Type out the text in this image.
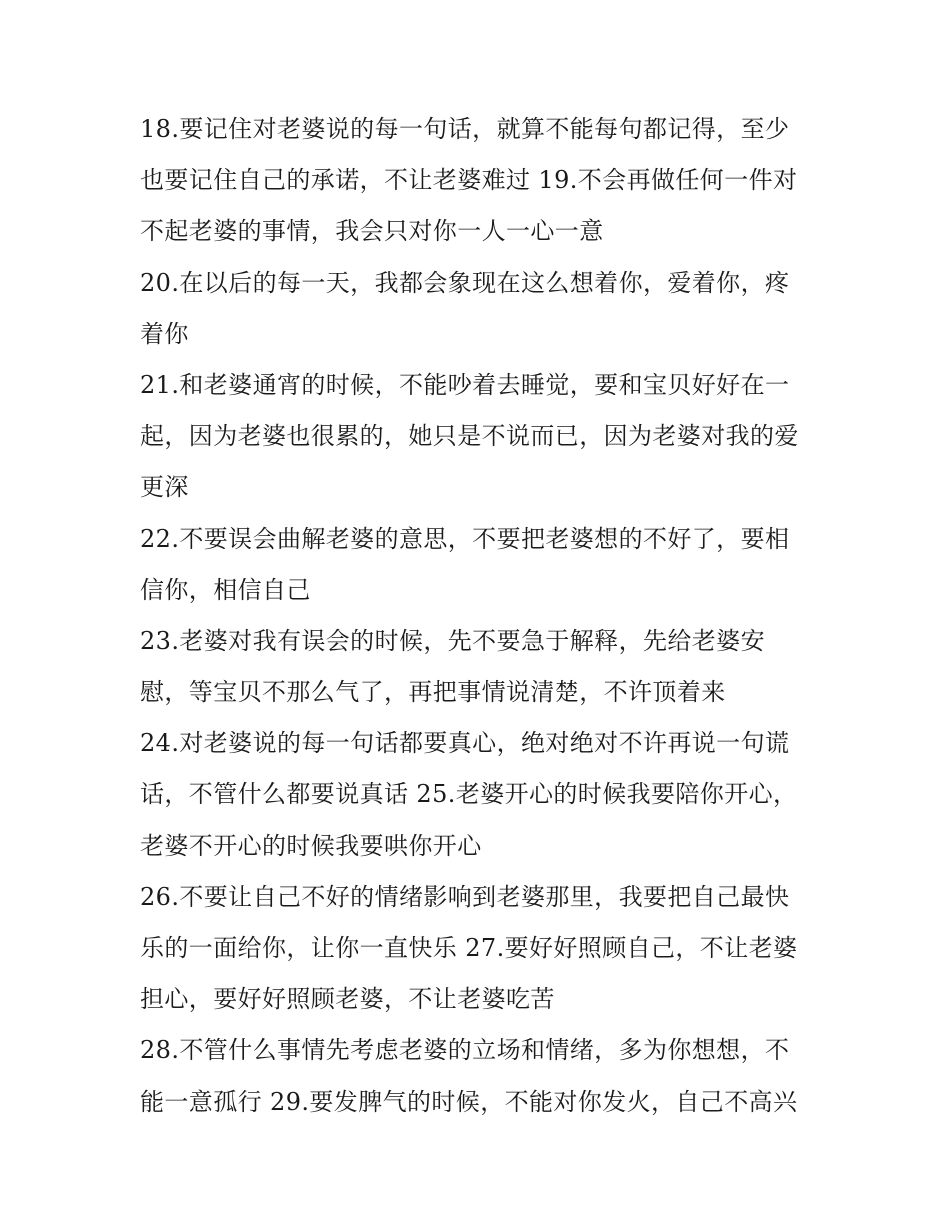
18.要记住对老婆说的每一句话，就算不能每句都记得，至少
也要记住自己的承诺，不让老婆难过 19.不会再做任何一件对
不起老婆的事情，我会只对你一人一心一意
20.在以后的每一天，我都会象现在这么想着你，爱着你，疼
着你
21.和老婆通宵的时候，不能吵着去睡觉，要和宝贝好好在一
起，因为老婆也很累的，她只是不说而已，因为老婆对我的爱
更深
22.不要误会曲解老婆的意思，不要把老婆想的不好了，要相
信你，相信自己
23.老婆对我有误会的时候，先不要急于解释，先给老婆安
慰，等宝贝不那么气了，再把事情说清楚，不许顶着来
24.对老婆说的每一句话都要真心，绝对绝对不许再说一句谎
话，不管什么都要说真话 25.老婆开心的时候我要陪你开心，
老婆不开心的时候我要哄你开心
26.不要让自己不好的情绪影响到老婆那里，我要把自己最快
乐的一面给你，让你一直快乐 27.要好好照顾自己，不让老婆
担心，要好好照顾老婆，不让老婆吃苦
28.不管什么事情先考虑老婆的立场和情绪，多为你想想，不
能一意孤行 29.要发脾气的时候，不能对你发火，自己不高兴
